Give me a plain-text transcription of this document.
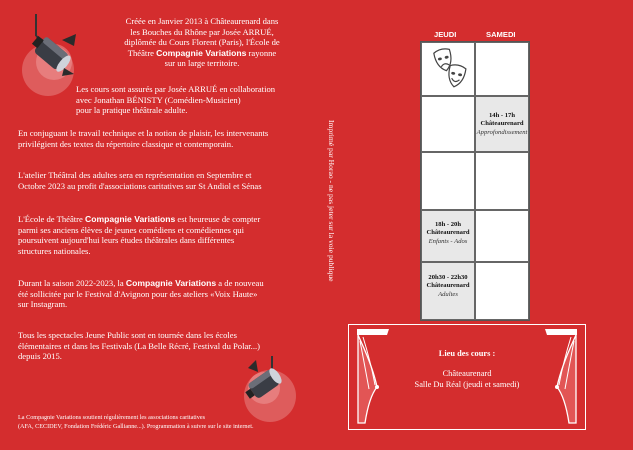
Créée en Janvier 2013 à Châteaurenard dans
les Bouches du Rhône par Josée ARRUÉ,
diplômée du Cours Florent (Paris), l'École de
Théâtre Compagnie Variations rayonne
sur un large territoire.

Les cours sont assurés par Josée ARRUÉ en collaboration
avec Jonathan BÉNISTY (Comédien-Musicien)
pour la pratique théâtrale adulte.

En conjuguant le travail technique et la notion de plaisir, les intervenants
privilégient des textes du répertoire classique et contemporain.

L'atelier Théâtral des adultes sera en représentation en Septembre et
Octobre 2023 au profit d'associations caritatives sur St Andiol et Sénas

L'École de Théâtre Compagnie Variations est heureuse de compter
parmi ses anciens élèves de jeunes comédiens et comédiennes qui
poursuivent aujourd'hui leurs études théâtrales dans différentes
structures nationales.

Durant la saison 2022-2023, la Compagnie Variations a de nouveau
été sollicitée par le Festival d'Avignon pour des ateliers «Voix Haute»
sur Instagram.

Tous les spectacles Jeune Public sont en tournée dans les écoles
élémentaires et dans les Festivals (La Belle Récré, Festival du Polar...)
depuis 2015.

La Compagnie Variations soutient régulièrement les associations caritatives
(AFA, CECIDEV, Fondation Frédéric Gallianne...). Programmation à suivre sur le site internet.

Imprimé par Horao - ne pas jeter sur la voie publique
JEUDI	SAMEDI
14h - 17h
Châteaurenard
Approfondissement
18h - 20h
Châteaurenard
Enfants - Ados
20h30 - 22h30
Châteaurenard
Adultes
Lieu des cours :
Châteaurenard
Salle Du Réal (jeudi et samedi)
